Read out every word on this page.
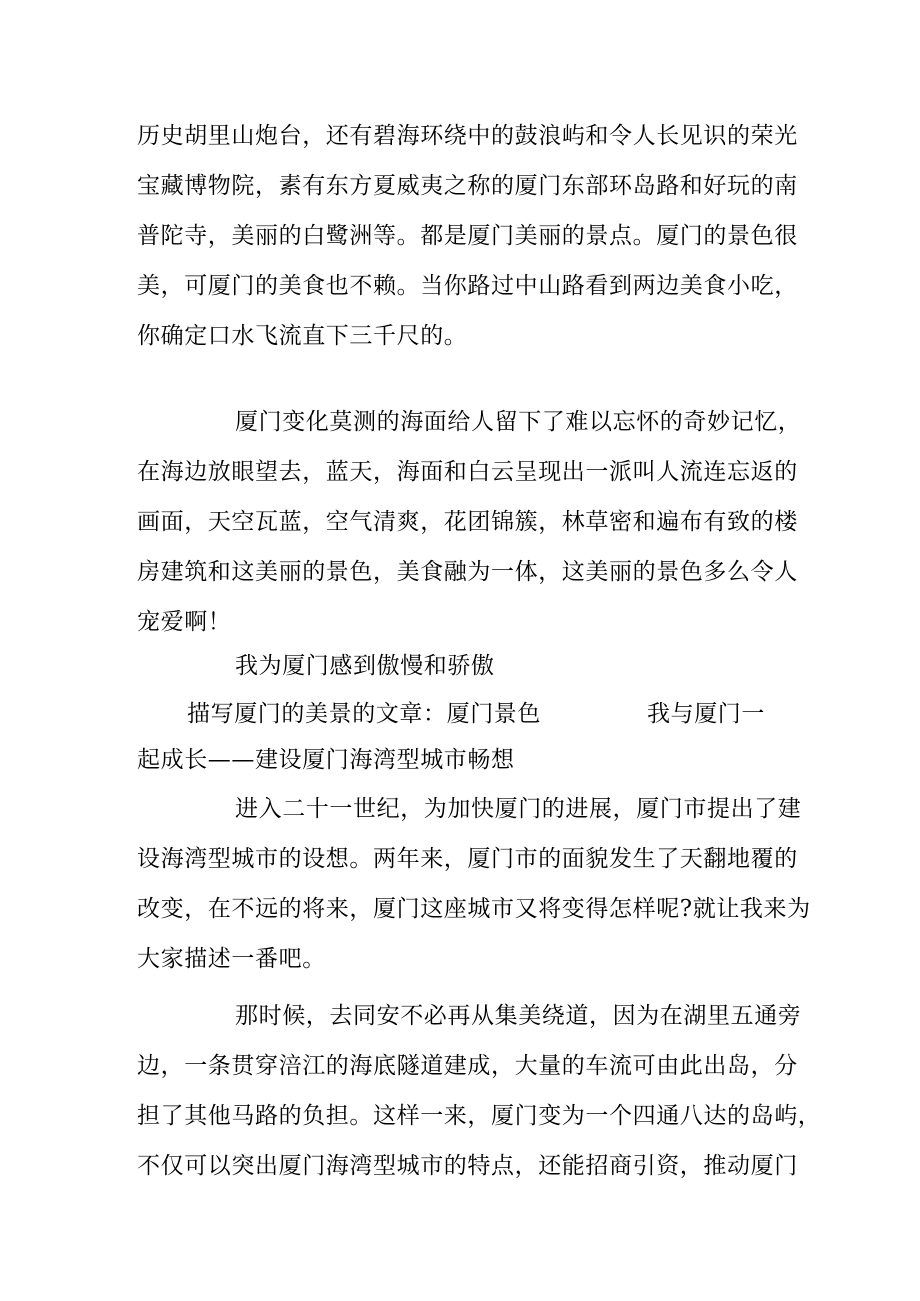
历史胡里山炮台，还有碧海环绕中的鼓浪屿和令人长见识的荣光
宝藏博物院，素有东方夏威夷之称的厦门东部环岛路和好玩的南
普陀寺，美丽的白鹭洲等。都是厦门美丽的景点。厦门的景色很
美，可厦门的美食也不赖。当你路过中山路看到两边美食小吃，
你确定口水飞流直下三千尺的。
厦门变化莫测的海面给人留下了难以忘怀的奇妙记忆，
在海边放眼望去，蓝天，海面和白云呈现出一派叫人流连忘返的
画面，天空瓦蓝，空气清爽，花团锦簇，林草密和遍布有致的楼
房建筑和这美丽的景色，美食融为一体，这美丽的景色多么令人
宠爱啊！
我为厦门感到傲慢和骄傲
描写厦门的美景的文章：厦门景色	我与厦门一
起成长——建设厦门海湾型城市畅想
进入二十一世纪，为加快厦门的进展，厦门市提出了建
设海湾型城市的设想。两年来，厦门市的面貌发生了天翻地覆的
改变，在不远的将来，厦门这座城市又将变得怎样呢?就让我来为
大家描述一番吧。
那时候，去同安不必再从集美绕道，因为在湖里五通旁
边，一条贯穿涪江的海底隧道建成，大量的车流可由此出岛，分
担了其他马路的负担。这样一来，厦门变为一个四通八达的岛屿，
不仅可以突出厦门海湾型城市的特点，还能招商引资，推动厦门
